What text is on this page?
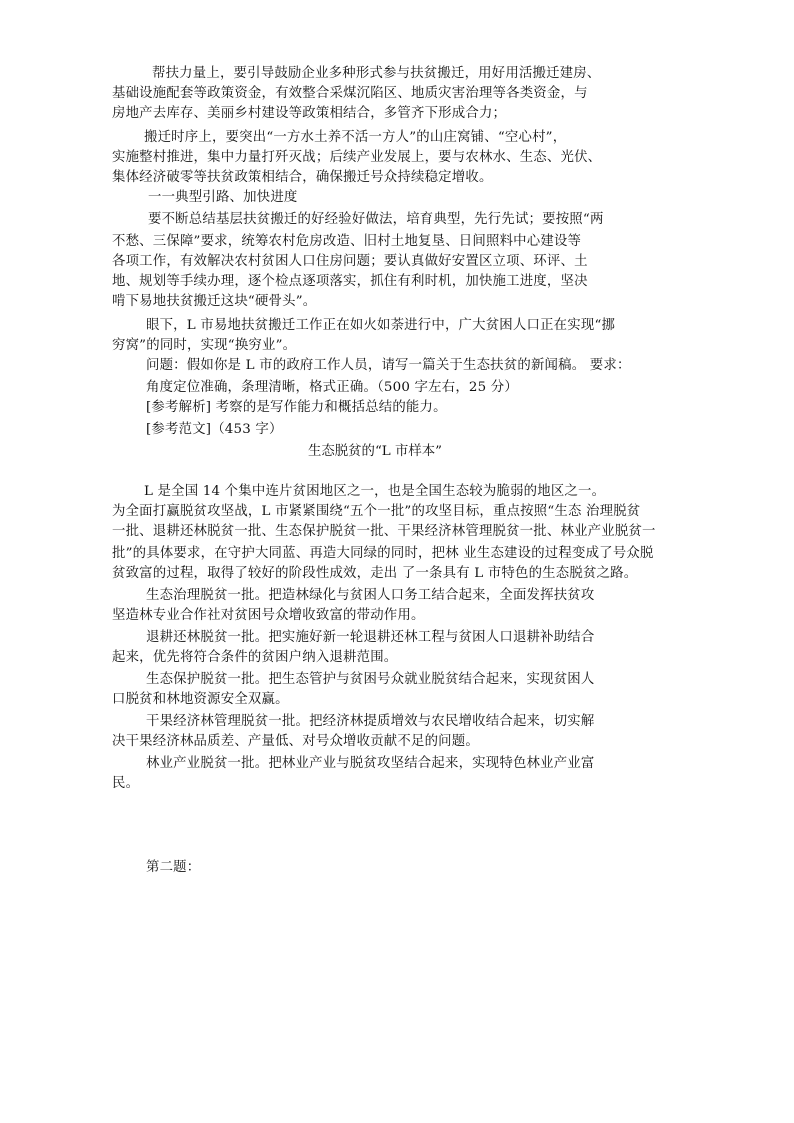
帮扶力量上，要引导鼓励企业多种形式参与扶贫搬迁，用好用活搬迁建房、
基础设施配套等政策资金，有效整合采煤沉陷区、地质灾害治理等各类资金，与
房地产去库存、美丽乡村建设等政策相结合，多管齐下形成合力；
搬迁时序上，要突出“一方水土养不活一方人”的山庄窝铺、“空心村”，
实施整村推进，集中力量打歼灭战；后续产业发展上，要与农林水、生态、光伏、
集体经济破零等扶贫政策相结合，确保搬迁号众持续稳定增收。
一一典型引路、加快进度
要不断总结基层扶贫搬迁的好经验好做法，培育典型，先行先试；要按照“两
不愁、三保障”要求，统筹农村危房改造、旧村土地复垦、日间照料中心建设等
各项工作，有效解决农村贫困人口住房问题；要认真做好安置区立项、环评、土
地、规划等手续办理，逐个检点逐项落实，抓住有利时机，加快施工进度，坚决
啃下易地扶贫搬迁这块“硬骨头”。
眼下，L 市易地扶贫搬迁工作正在如火如荼进行中，广大贫困人口正在实现“挪
穷窝”的同时，实现“换穷业”。
问题：假如你是 L 市的政府工作人员，请写一篇关于生态扶贫的新闻稿。 要求：
角度定位准确，条理清晰，格式正确。（500 字左右，25 分）
[参考解析] 考察的是写作能力和概括总结的能力。
[参考范文]（453 字）
生态脱贫的“L 市样本”
L 是全国 14 个集中连片贫困地区之一，也是全国生态较为脆弱的地区之一。
为全面打赢脱贫攻坚战，L 市紧紧围绕“五个一批”的攻坚目标，重点按照“生态 治理脱贫
一批、退耕还林脱贫一批、生态保护脱贫一批、干果经济林管理脱贫一批、林业产业脱贫一
批”的具体要求，在守护大同蓝、再造大同绿的同时，把林 业生态建设的过程变成了号众脱
贫致富的过程，取得了较好的阶段性成效，走出 了一条具有 L 市特色的生态脱贫之路。
生态治理脱贫一批。把造林绿化与贫困人口务工结合起来，全面发挥扶贫攻
坚造林专业合作社对贫困号众增收致富的带动作用。
退耕还林脱贫一批。把实施好新一轮退耕还林工程与贫困人口退耕补助结合
起来，优先将符合条件的贫困户纳入退耕范围。
生态保护脱贫一批。把生态管护与贫困号众就业脱贫结合起来，实现贫困人
口脱贫和林地资源安全双赢。
干果经济林管理脱贫一批。把经济林提质增效与农民增收结合起来，切实解
决干果经济林品质差、产量低、对号众增收贡献不足的问题。
林业产业脱贫一批。把林业产业与脱贫攻坚结合起来，实现特色林业产业富
民。
第二题：
